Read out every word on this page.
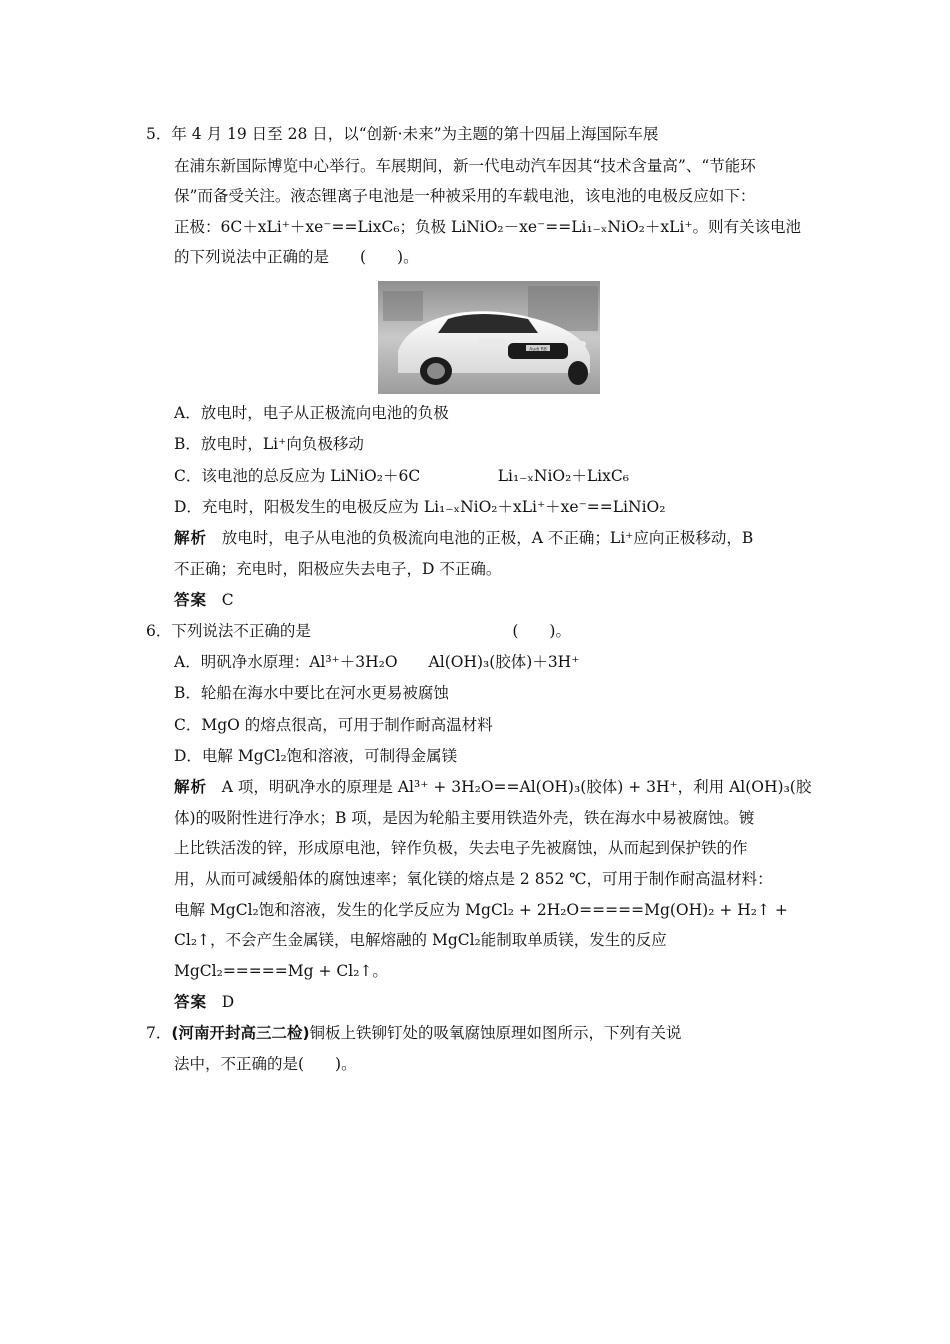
5．年 4 月 19 日至 28 日，以“创新·未来”为主题的第十四届上海国际车展
在浦东新国际博览中心举行。车展期间，新一代电动汽车因其“技术含量高”、“节能环
保”而备受关注。液态锂离子电池是一种被采用的车载电池，该电池的电极反应如下：
正极：6C＋xLi⁺＋xe⁻==LixC₆；负极 LiNiO₂－xe⁻==Li₁₋ₓNiO₂＋xLi⁺。则有关该电池
的下列说法中正确的是　　(　　)。
Audi R8
A．放电时，电子从正极流向电池的负极
B．放电时，Li⁺向负极移动
C．该电池的总反应为 LiNiO₂＋6C　　　　　Li₁₋ₓNiO₂＋LixC₆
D．充电时，阳极发生的电极反应为 Li₁₋ₓNiO₂＋xLi⁺＋xe⁻==LiNiO₂
解析 放电时，电子从电池的负极流向电池的正极，A 不正确；Li⁺应向正极移动，B
不正确；充电时，阳极应失去电子，D 不正确。
答案 C
6．下列说法不正确的是　　　　　　　　　　　　　(　　)。
A．明矾净水原理：Al³⁺＋3H₂O　　Al(OH)₃(胶体)＋3H⁺
B．轮船在海水中要比在河水更易被腐蚀
C．MgO 的熔点很高，可用于制作耐高温材料
D．电解 MgCl₂饱和溶液，可制得金属镁
解析 A 项，明矾净水的原理是 Al³⁺ + 3H₂O==Al(OH)₃(胶体) + 3H⁺，利用 Al(OH)₃(胶
体)的吸附性进行净水；B 项，是因为轮船主要用铁造外壳，铁在海水中易被腐蚀。镀
上比铁活泼的锌，形成原电池，锌作负极，失去电子先被腐蚀，从而起到保护铁的作
用，从而可减缓船体的腐蚀速率；氧化镁的熔点是 2 852 ℃，可用于制作耐高温材料：
电解 MgCl₂饱和溶液，发生的化学反应为 MgCl₂ + 2H₂O=====Mg(OH)₂ + H₂↑ +
Cl₂↑，不会产生金属镁，电解熔融的 MgCl₂能制取单质镁，发生的反应
MgCl₂=====Mg + Cl₂↑。
答案 D
7．(河南开封高三二检)铜板上铁铆钉处的吸氧腐蚀原理如图所示，下列有关说
法中，不正确的是(　　)。
